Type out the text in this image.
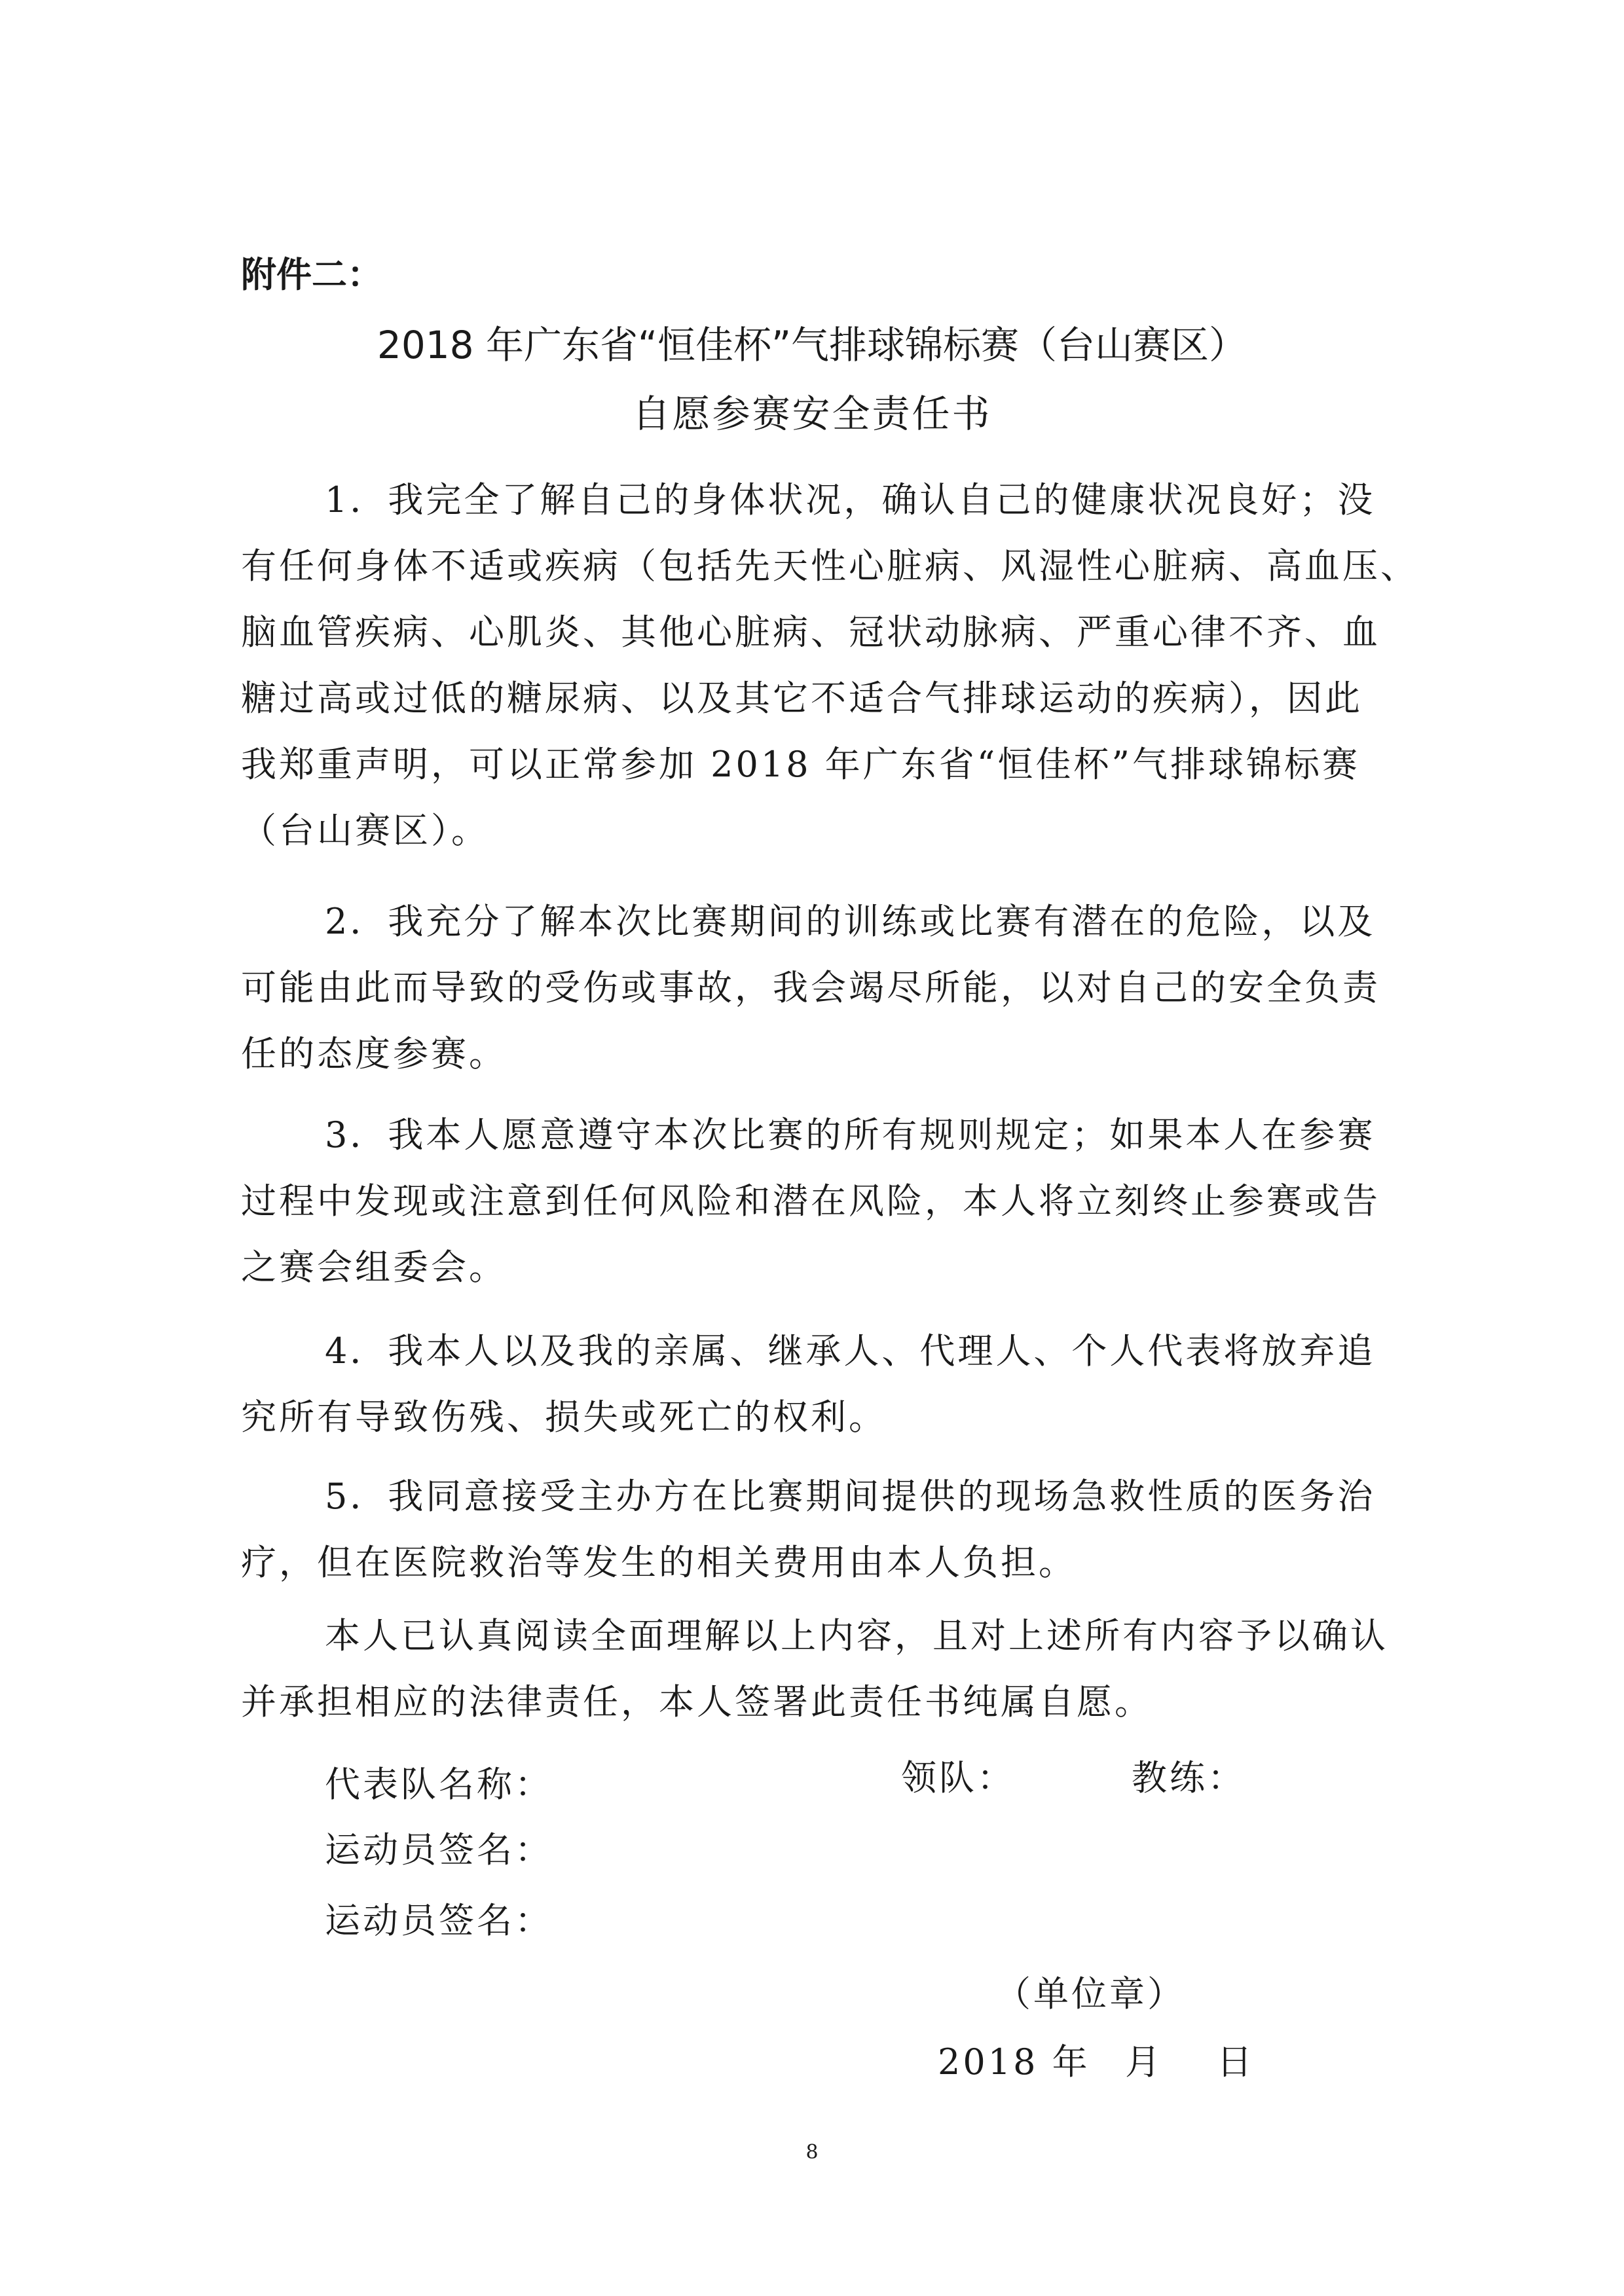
附件二：
2018 年广东省“恒佳杯”气排球锦标赛（台山赛区）
自愿参赛安全责任书
1．我完全了解自己的身体状况，确认自己的健康状况良好；没
有任何身体不适或疾病（包括先天性心脏病、风湿性心脏病、高血压、
脑血管疾病、心肌炎、其他心脏病、冠状动脉病、严重心律不齐、血
糖过高或过低的糖尿病、以及其它不适合气排球运动的疾病），因此
我郑重声明，可以正常参加 2018 年广东省“恒佳杯”气排球锦标赛
（台山赛区）。
2．我充分了解本次比赛期间的训练或比赛有潜在的危险，以及
可能由此而导致的受伤或事故，我会竭尽所能，以对自己的安全负责
任的态度参赛。
3．我本人愿意遵守本次比赛的所有规则规定；如果本人在参赛
过程中发现或注意到任何风险和潜在风险，本人将立刻终止参赛或告
之赛会组委会。
4．我本人以及我的亲属、继承人、代理人、个人代表将放弃追
究所有导致伤残、损失或死亡的权利。
5．我同意接受主办方在比赛期间提供的现场急救性质的医务治
疗，但在医院救治等发生的相关费用由本人负担。
本人已认真阅读全面理解以上内容，且对上述所有内容予以确认
并承担相应的法律责任，本人签署此责任书纯属自愿。
代表队名称：	领队：	教练：
运动员签名：
运动员签名：
（单位章）
2018 年 月 日
8
